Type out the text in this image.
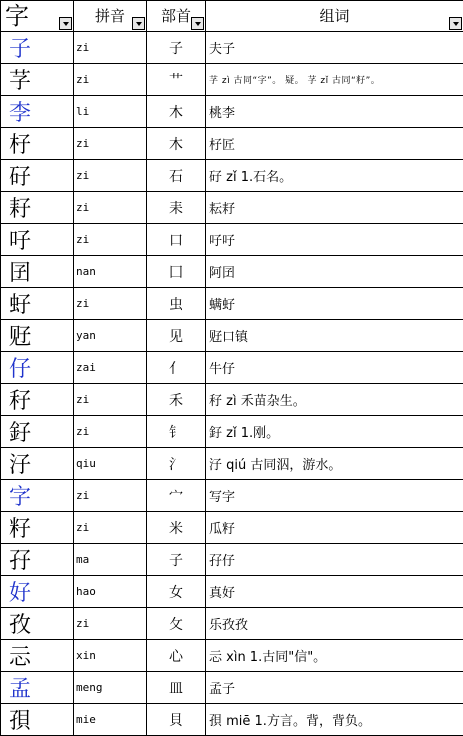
字	拼音	部首	组词

子	zi	子	夫子
芓	zi	艹	芓 zì 古同“字”。 疑。 芓 zǐ 古同“籽”。
李	li	木	桃李
杍	zi	木	杍匠
矷	zi	石	矷 zǐ 1.石名。
耔	zi	耒	耘耔
吇	zi	口	吇吇
囝	nan	囗	阿囝
虸	zi	虫	螨虸
觃	yan	见	觃口镇
仔	zai	亻	牛仔
秄	zi	禾	秄 zì 禾苗杂生。
釨	zi	钅	釨 zǐ 1.刚。
汓	qiu	氵	汓 qiú 古同泅，游水。
字	zi	宀	写字
籽	zi	米	瓜籽
孖	ma	子	孖仔
好	hao	女	真好
孜	zi	攵	乐孜孜
忈	xin	心	忈 xìn 1.古同"信"。
孟	meng	皿	孟子
孭	mie	貝	孭 miē 1.方言。背，背负。
